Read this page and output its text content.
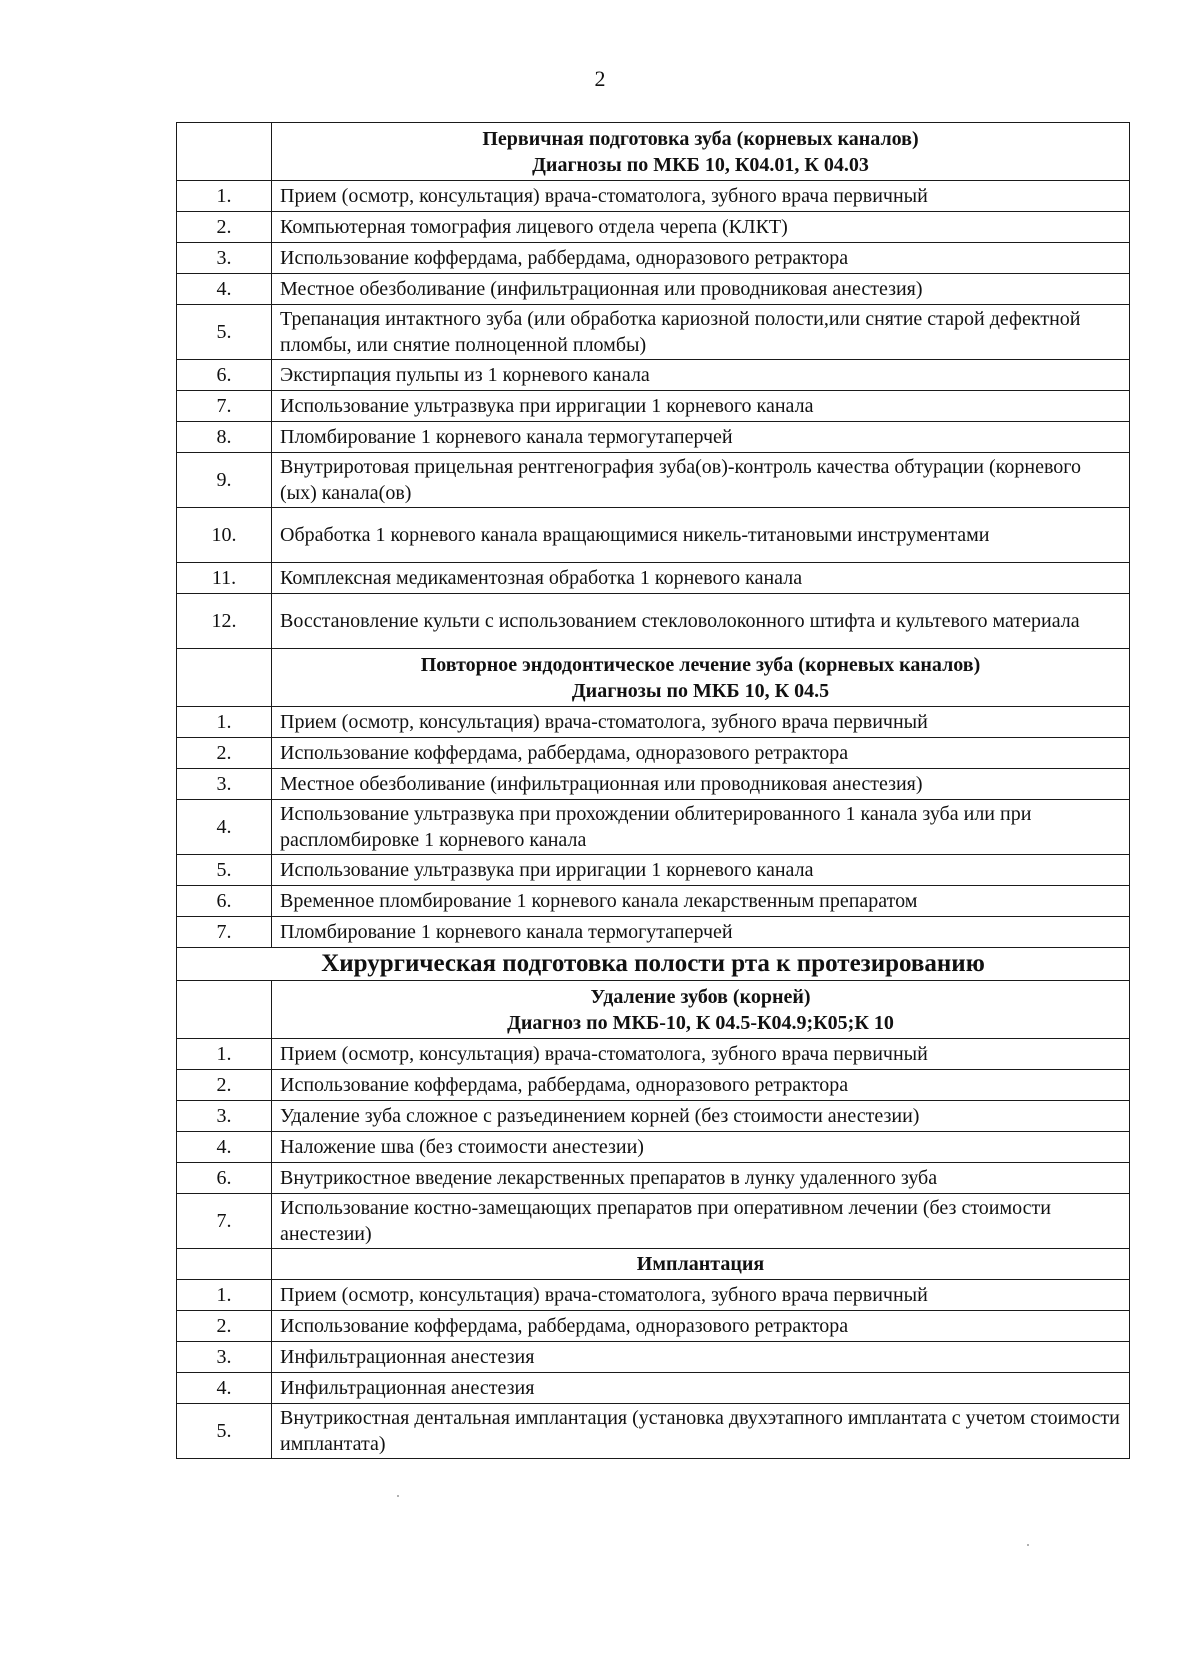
2

	Первичная подготовка зуба (корневых каналов)
Диагнозы по МКБ 10, К04.01, К 04.03

1.	Прием (осмотр, консультация) врача-стоматолога, зубного врача первичный
2.	Компьютерная томография лицевого отдела черепа (КЛКТ)
3.	Использование коффердама, раббердама, одноразового ретрактора
4.	Местное обезболивание (инфильтрационная или проводниковая анестезия)
5.	Трепанация интактного зуба (или обработка кариозной полости,или снятие старой дефектной пломбы, или снятие полноценной пломбы)
6.	Экстирпация пульпы из 1 корневого канала
7.	Использование ультразвука при ирригации 1 корневого канала
8.	Пломбирование 1 корневого канала термогутаперчей
9.	Внутриротовая прицельная рентгенография зуба(ов)-контроль качества обтурации (корневого (ых) канала(ов)
10.	Обработка 1 корневого канала вращающимися никель-титановыми инструментами
11.	Комплексная медикаментозная обработка 1 корневого канала
12.	Восстановление культи с использованием стекловолоконного штифта и культевого материала

	Повторное эндодонтическое лечение зуба (корневых каналов)
Диагнозы по МКБ 10, К 04.5

1.	Прием (осмотр, консультация) врача-стоматолога, зубного врача первичный
2.	Использование коффердама, раббердама, одноразового ретрактора
3.	Местное обезболивание (инфильтрационная или проводниковая анестезия)
4.	Использование ультразвука при прохождении облитерированного 1 канала зуба или при распломбировке 1 корневого канала
5.	Использование ультразвука при ирригации 1 корневого канала
6.	Временное пломбирование 1 корневого канала лекарственным препаратом
7.	Пломбирование 1 корневого канала термогутаперчей
Хирургическая подготовка полости рта к протезированию	

	Удаление зубов (корней)
Диагноз по МКБ-10, К 04.5-К04.9;К05;К 10

1.	Прием (осмотр, консультация) врача-стоматолога, зубного врача первичный
2.	Использование коффердама, раббердама, одноразового ретрактора
3.	Удаление зуба сложное с разъединением корней (без стоимости анестезии)
4.	Наложение шва (без стоимости анестезии)
6.	Внутрикостное введение лекарственных препаратов в лунку удаленного зуба
7.	Использование костно-замещающих препаратов при оперативном лечении (без стоимости анестезии)

	Имплантация

1.	Прием (осмотр, консультация) врача-стоматолога, зубного врача первичный
2.	Использование коффердама, раббердама, одноразового ретрактора
3.	Инфильтрационная анестезия
4.	Инфильтрационная анестезия
5.	Внутрикостная дентальная имплантация (установка двухэтапного имплантата с учетом стоимости имплантата)
